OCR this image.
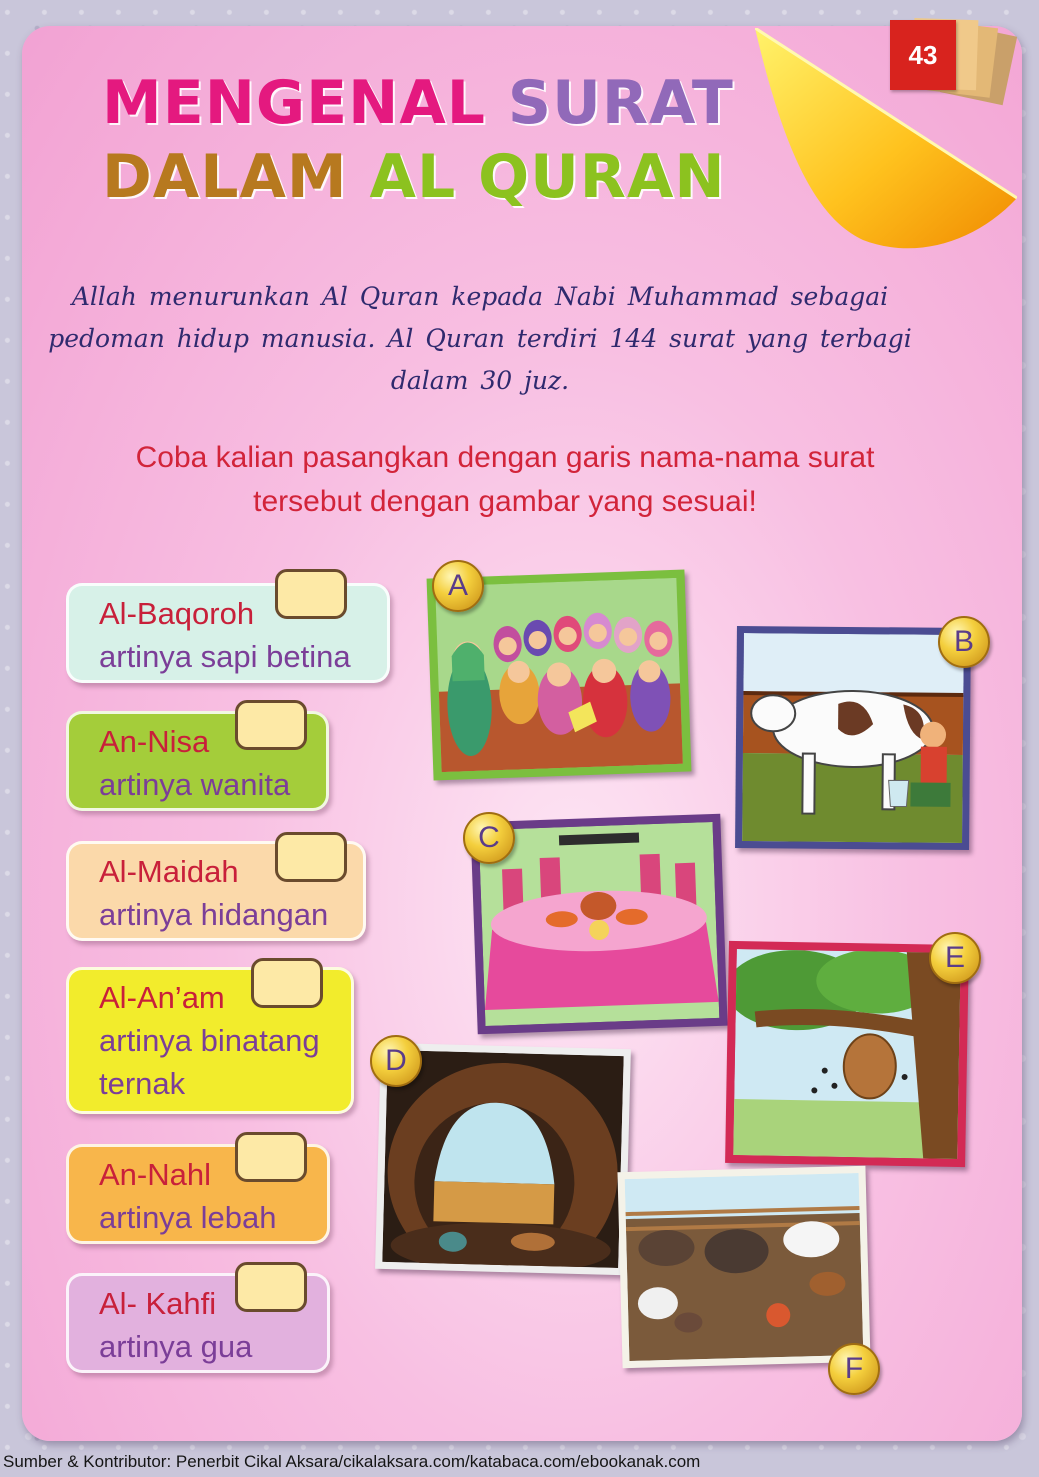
43
MENGENAL SURAT
DALAM AL QURAN
Allah menurunkan Al Quran kepada Nabi Muhammad sebagai
pedoman hidup manusia. Al Quran terdiri 144 surat yang terbagi
dalam 30 juz.
Coba kalian pasangkan dengan garis nama-nama surat
tersebut dengan gambar yang sesuai!
Al-Baqoroh
artinya sapi betina
An-Nisa
artinya wanita
Al-Maidah
artinya hidangan
Al-An’am
artinya binatang
ternak
An-Nahl
artinya lebah
Al- Kahfi
artinya gua
A
B
C
D
E
F
Sumber & Kontributor: Penerbit Cikal Aksara/cikalaksara.com/katabaca.com/ebookanak.com
